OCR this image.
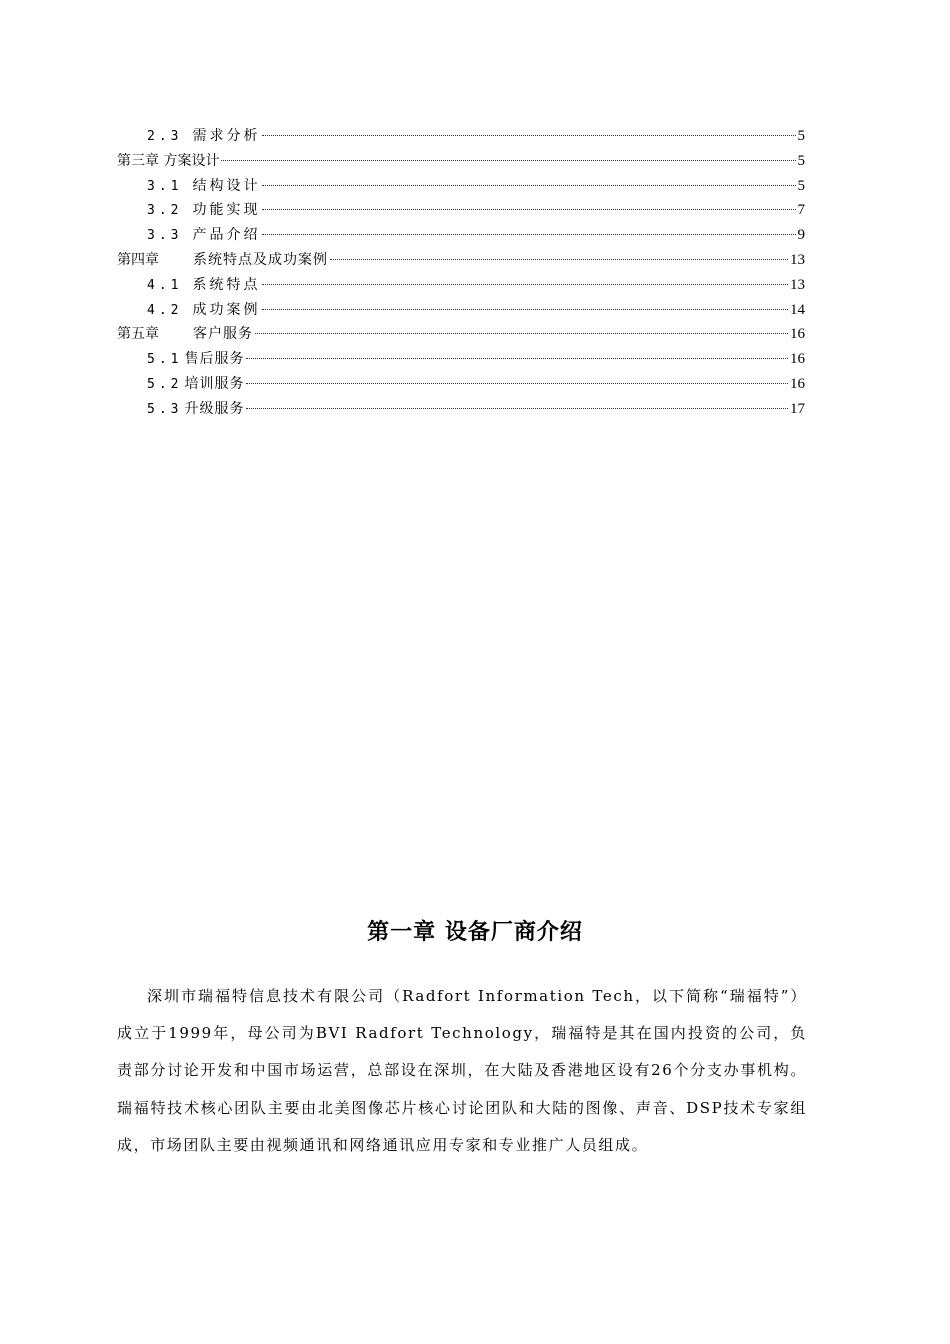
2.3 需求分析	5
第三章 方案设计	5
3.1 结构设计	5
3.2 功能实现	7
3.3 产品介绍	9
第四章 系统特点及成功案例	13
4.1 系统特点	13
4.2 成功案例	14
第五章 客户服务	16
5.1 售后服务	16
5.2 培训服务	16
5.3 升级服务	17
第一章 设备厂商介绍

深圳市瑞福特信息技术有限公司（Radfort Information Tech，以下简称“瑞福特”）成立于1999年，母公司为BVI Radfort Technology，瑞福特是其在国内投资的公司，负责部分讨论开发和中国市场运营，总部设在深圳，在大陆及香港地区设有26个分支办事机构。瑞福特技术核心团队主要由北美图像芯片核心讨论团队和大陆的图像、声音、DSP技术专家组成，市场团队主要由视频通讯和网络通讯应用专家和专业推广人员组成。
